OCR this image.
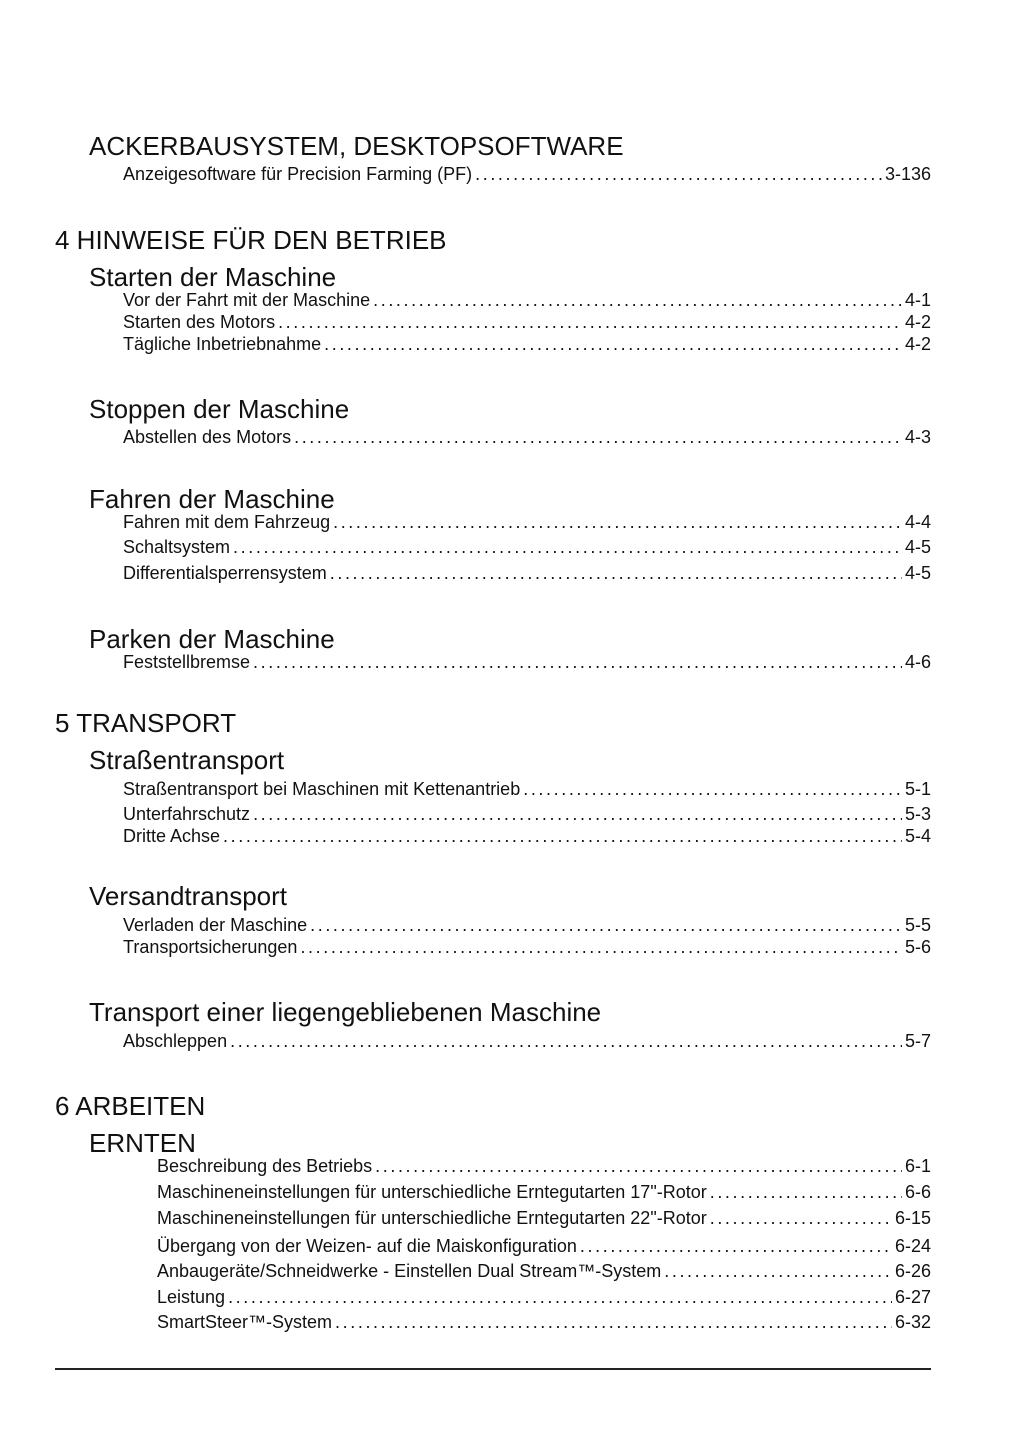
ACKERBAUSYSTEM, DESKTOPSOFTWARE
Anzeigesoftware für Precision Farming (PF) . . .	3-136
4 HINWEISE FÜR DEN BETRIEB
Starten der Maschine
Vor der Fahrt mit der Maschine . . .	4-1
Starten des Motors . . .	4-2
Tägliche Inbetriebnahme . . .	4-2
Stoppen der Maschine
Abstellen des Motors . . .	4-3
Fahren der Maschine
Fahren mit dem Fahrzeug . . .	4-4
Schaltsystem . . .	4-5
Differentialsperrensystem . . .	4-5
Parken der Maschine
Feststellbremse . . .	4-6
5 TRANSPORT
Straßentransport
Straßentransport bei Maschinen mit Kettenantrieb . . .	5-1
Unterfahrschutz . . .	5-3
Dritte Achse . . .	5-4
Versandtransport
Verladen der Maschine . . .	5-5
Transportsicherungen . . .	5-6
Transport einer liegengebliebenen Maschine
Abschleppen . . .	5-7
6 ARBEITEN
ERNTEN
Beschreibung des Betriebs . . .	6-1
Maschineneinstellungen für unterschiedliche Erntegutarten 17"-Rotor . . .	6-6
Maschineneinstellungen für unterschiedliche Erntegutarten 22"-Rotor . . .	6-15
Übergang von der Weizen- auf die Maiskonfiguration . . .	6-24
Anbaugeräte/Schneidwerke - Einstellen Dual Stream™-System . . .	6-26
Leistung . . .	6-27
SmartSteer™-System . . .	6-32
